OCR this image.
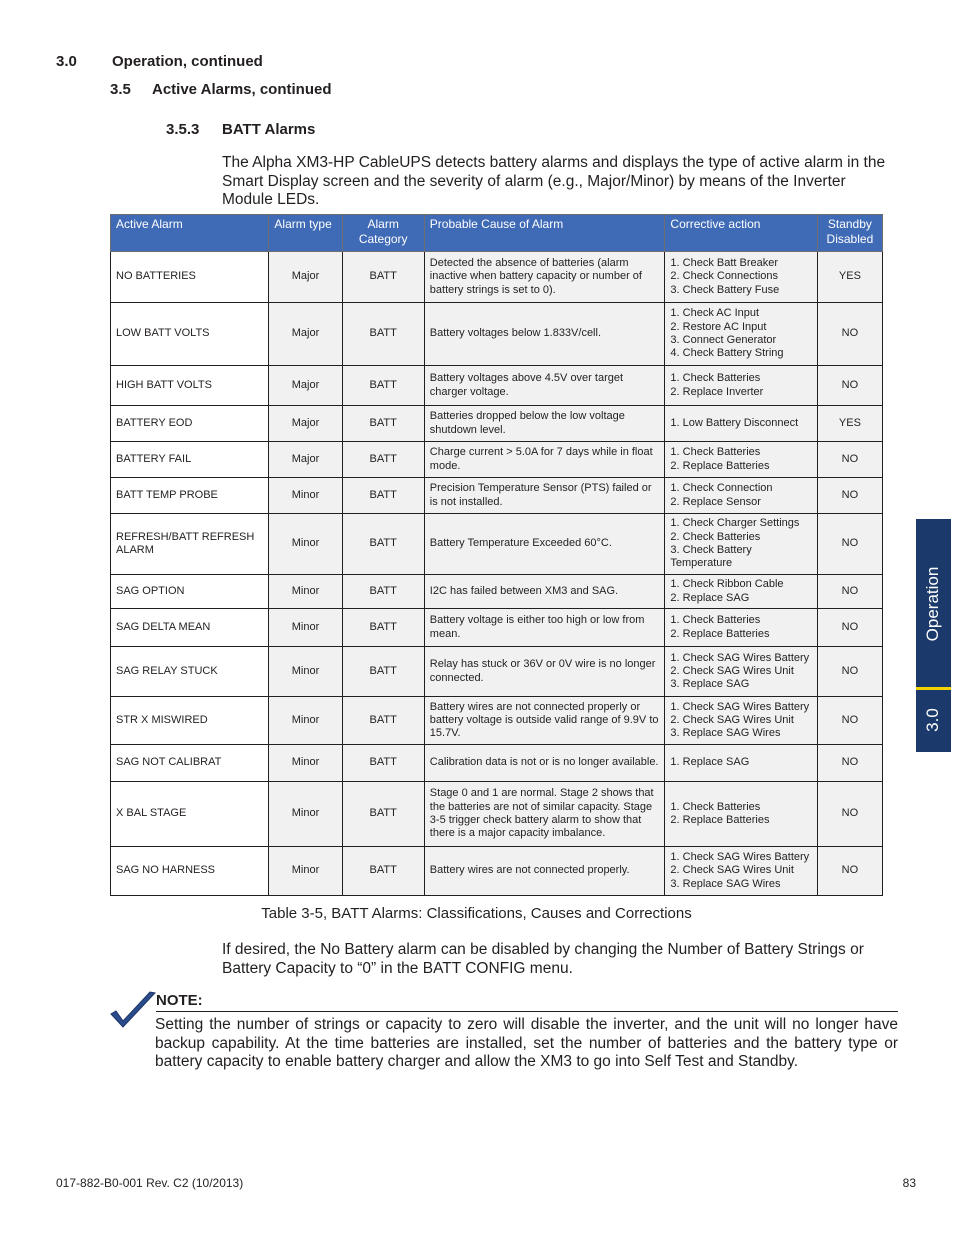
3.0 Operation, continued
3.5 Active Alarms, continued
3.5.3 BATT Alarms
The Alpha XM3-HP CableUPS detects battery alarms and displays the type of active alarm in the Smart Display screen and the severity of alarm (e.g., Major/Minor) by means of the Inverter Module LEDs.
Active Alarm	Alarm type	Alarm Category	Probable Cause of Alarm	Corrective action	Standby Disabled
NO BATTERIES	Major	BATT	Detected the absence of batteries (alarm inactive when battery capacity or number of battery strings is set to 0).	1. Check Batt Breaker
2. Check Connections
3. Check Battery Fuse	YES
LOW BATT VOLTS	Major	BATT	Battery voltages below 1.833V/cell.	1. Check AC Input
2. Restore AC Input
3. Connect Generator
4. Check Battery String	NO
HIGH BATT VOLTS	Major	BATT	Battery voltages above 4.5V over target charger voltage.	1. Check Batteries
2. Replace Inverter	NO
BATTERY EOD	Major	BATT	Batteries dropped below the low voltage shutdown level.	1. Low Battery Disconnect	YES
BATTERY FAIL	Major	BATT	Charge current > 5.0A for 7 days while in float mode.	1. Check Batteries
2. Replace Batteries	NO
BATT TEMP PROBE	Minor	BATT	Precision Temperature Sensor (PTS) failed or is not installed.	1. Check Connection
2. Replace Sensor	NO
REFRESH/BATT REFRESH ALARM	Minor	BATT	Battery Temperature Exceeded 60°C.	1. Check Charger Settings
2. Check Batteries
3. Check Battery Temperature	NO
SAG OPTION	Minor	BATT	I2C has failed between XM3 and SAG.	1. Check Ribbon Cable
2. Replace SAG	NO
SAG DELTA MEAN	Minor	BATT	Battery voltage is either too high or low from mean.	1. Check Batteries
2. Replace Batteries	NO
SAG RELAY STUCK	Minor	BATT	Relay has stuck or 36V or 0V wire is no longer connected.	1. Check SAG Wires Battery
2. Check SAG Wires Unit
3. Replace SAG	NO
STR X MISWIRED	Minor	BATT	Battery wires are not connected properly or battery voltage is outside valid range of 9.9V to 15.7V.	1. Check SAG Wires Battery
2. Check SAG Wires Unit
3. Replace SAG Wires	NO
SAG NOT CALIBRAT	Minor	BATT	Calibration data is not or is no longer available.	1. Replace SAG	NO
X BAL STAGE	Minor	BATT	Stage 0 and 1 are normal. Stage 2 shows that the batteries are not of similar capacity. Stage 3-5 trigger check battery alarm to show that there is a major capacity imbalance.	1. Check Batteries
2. Replace Batteries	NO
SAG NO HARNESS	Minor	BATT	Battery wires are not connected properly.	1. Check SAG Wires Battery
2. Check SAG Wires Unit
3. Replace SAG Wires	NO
Table 3-5, BATT Alarms: Classifications, Causes and Corrections
If desired, the No Battery alarm can be disabled by changing the Number of Battery Strings or Battery Capacity to “0” in the BATT CONFIG menu.
NOTE:
Setting the number of strings or capacity to zero will disable the inverter, and the unit will no longer have backup capability. At the time batteries are installed, set the number of batteries and the battery type or battery capacity to enable battery charger and allow the XM3 to go into Self Test and Standby.
Operation
3.0
017-882-B0-001 Rev. C2 (10/2013)	83
